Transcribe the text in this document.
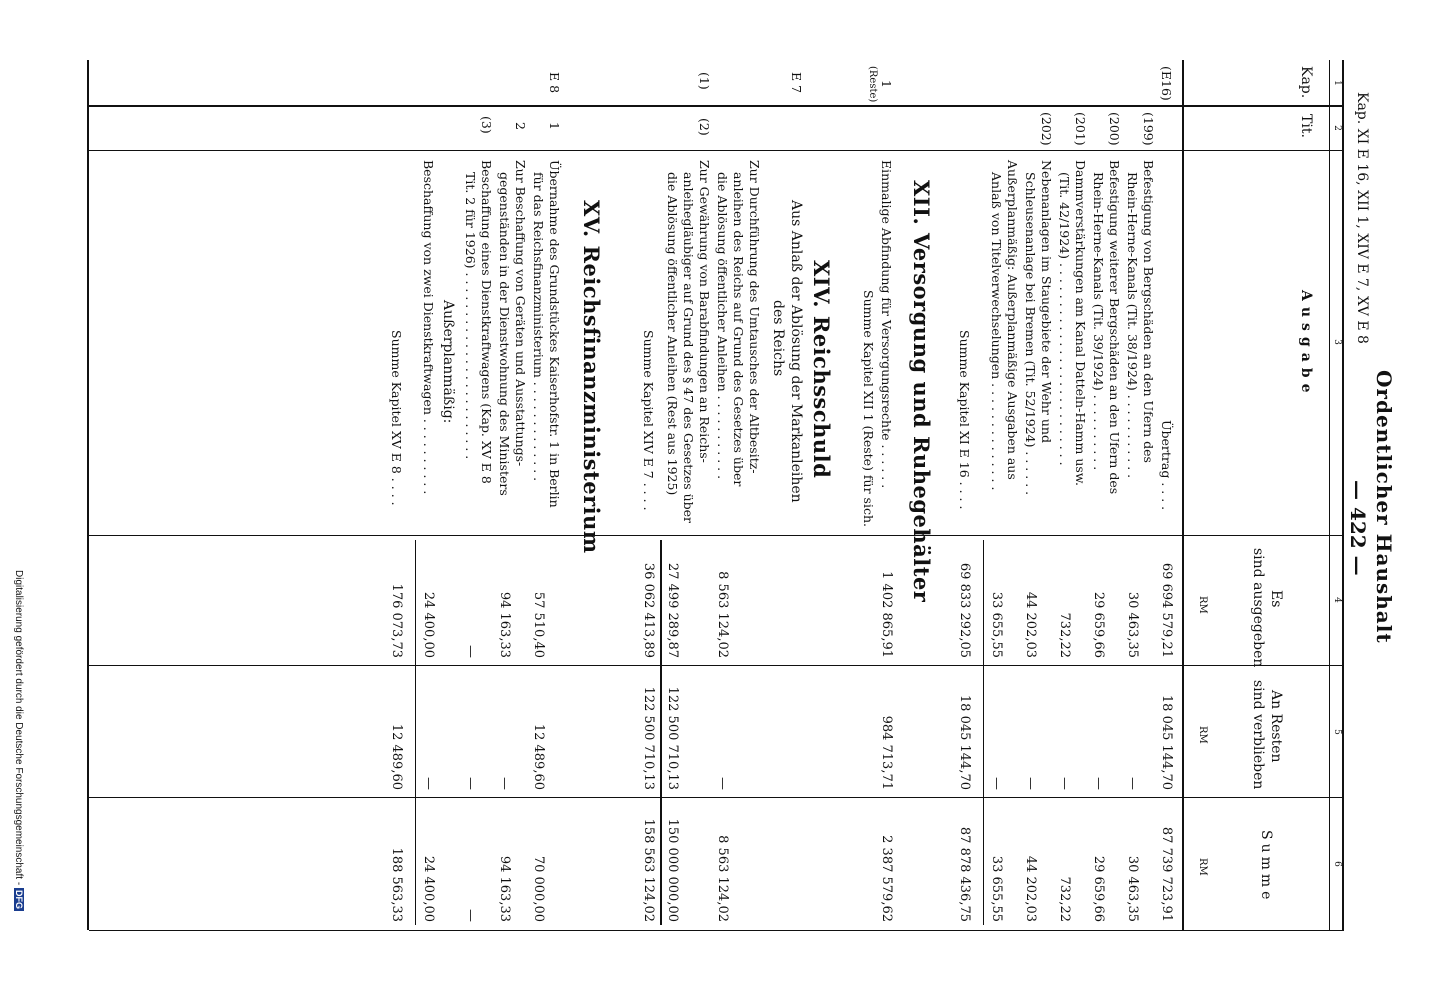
Ordentlicher Haushalt
Kap. XI E 16, XII 1, XIV E 7, XV E 8
— 422 —
1
2
3
4
5
6
Kap.
Tit.
Ausgabe
Es
sind ausgegeben
An Resten
sind verblieben
Summe
RM
RM
RM
(E16)
Übertrag . . . .
69 694 579,21
18 045 144,70
87 739 723,91
(199)
Befestigung von Bergschäden an den Ufern des
Rhein-Herne-Kanals (Tit. 38/1924) . . . . . . . . . . .
30 463,35
—
30 463,35
(200)
Befestigung weiterer Bergschäden an den Ufern des
Rhein-Herne-Kanals (Tit. 39/1924) . . . . . . . . . .
29 659,66
—
29 659,66
(201)
Dammverstärkungen am Kanal Datteln-Hamm usw.
(Tit. 42/1924) . . . . . . . . . . . . . . . . . . . . . . . . . .
732,22
—
732,22
(202)
Nebenanlagen im Staugebiete der Wehr und
Schleusenanlage bei Bremen (Tit. 52/1924) . . . . . .
44 202,03
—
44 202,03
Außerplanmäßig: Außerplanmäßige Ausgaben aus
Anlaß von Titelverwechselungen . . . . . . . . . . . . . .
33 655,55
—
33 655,55
Summe Kapitel XI E 16 . . . .
69 833 292,05
18 045 144,70
87 878 436,75
XII. Versorgung und Ruhegehälter
1
(Reste)
Einmalige Abfindung für Versorgungsrechte . . . . . .
1 402 865,91
984 713,71
2 387 579,62
Summe Kapitel XII 1 (Reste) für sich.
XIV. Reichsschuld
Aus Anlaß der Ablösung der Markanleihen
des Reichs
E 7
Zur Durchführung des Umtausches der Altbesitz-
anleihen des Reichs auf Grund des Gesetzes über
die Ablösung öffentlicher Anleihen . . . . . . . . . . .
8 563 124,02
—
8 563 124,02
(1)
(2)
Zur Gewährung von Barabfindungen an Reichs-
anleihegläubiger auf Grund des § 47 des Gesetzes über
die Ablösung öffentlicher Anleihen (Rest aus 1925)
27 499 289,87
122 500 710,13
150 000 000,00
Summe Kapitel XIV E 7 . . . .
36 062 413,89
122 500 710,13
158 563 124,02
XV. Reichsfinanzministerium
E 8
1
Übernahme des Grundstückes Kaiserhofstr. 1 in Berlin
für das Reichsfinanzministerium . . . . . . . . . . . . .
57 510,40
12 489,60
70 000,00
2
Zur Beschaffung von Geräten und Ausstattungs-
gegenständen in der Dienstwohnung des Ministers
94 163,33
—
94 163,33
(3)
Beschaffung eines Dienstkraftwagens (Kap. XV E 8
Tit. 2 für 1926) . . . . . . . . . . . . . . . . . . . . . . . .
—
—
—
Außerplanmäßig:
Beschaffung von zwei Dienstkraftwagen . . . . . . . . . .
24 400,00
—
24 400,00
Summe Kapitel XV E 8 . . . .
176 073,73
12 489,60
188 563,33
Digitalisierung gefördert durch die Deutsche Forschungsgemeinschaft - DFG
